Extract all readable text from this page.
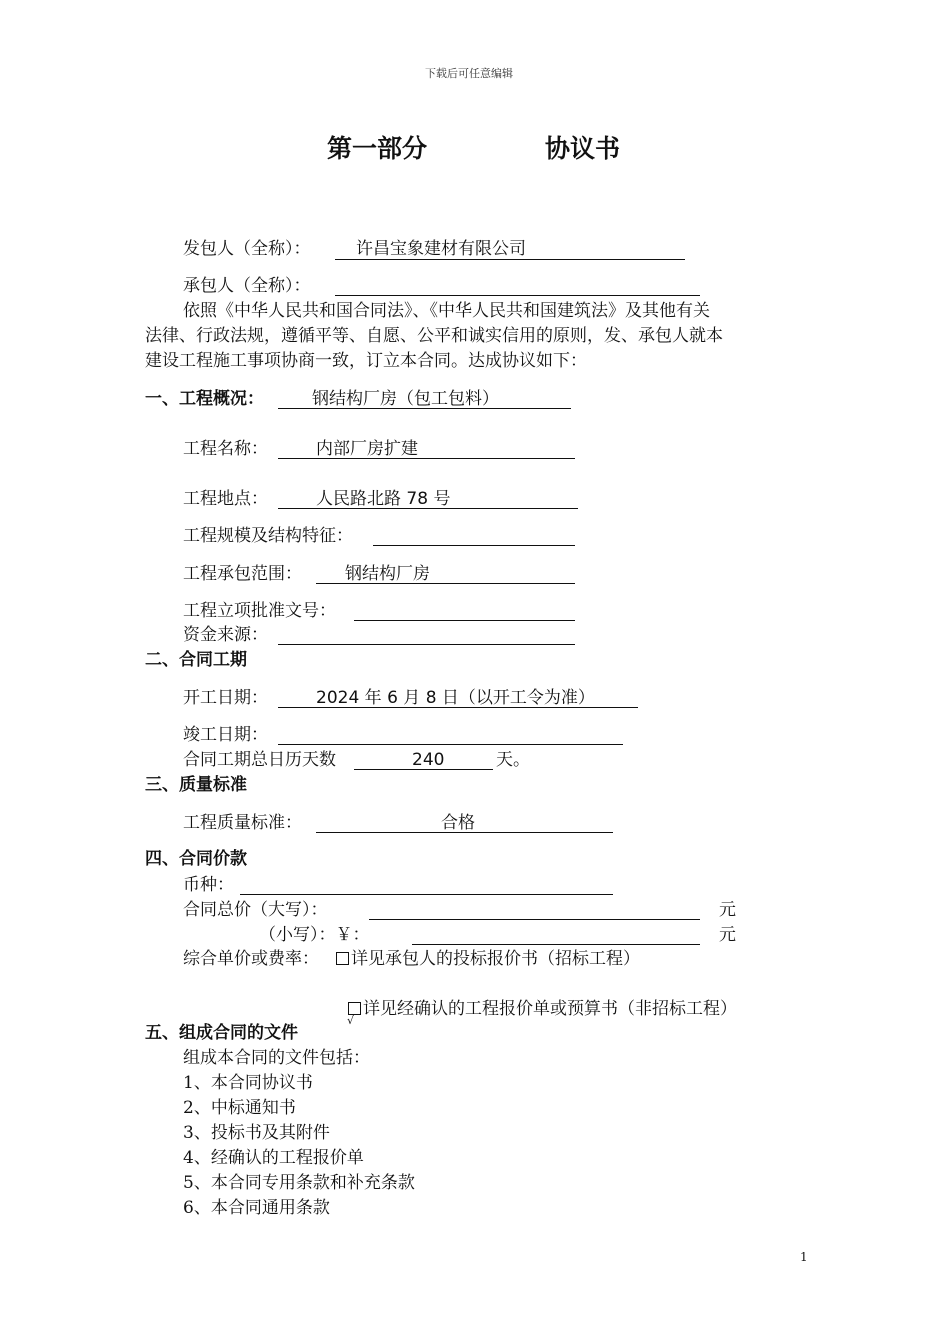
下载后可任意编辑
第一部分	协议书
发包人（全称）：	许昌宝象建材有限公司
承包人（全称）：
依照《中华人民共和国合同法》、《中华人民共和国建筑法》及其他有关
法律、行政法规，遵循平等、自愿、公平和诚实信用的原则，发、承包人就本
建设工程施工事项协商一致，订立本合同。达成协议如下：
一、工程概况：	钢结构厂房（包工包料）
工程名称：	内部厂房扩建
工程地点：	人民路北路 78 号
工程规模及结构特征：
工程承包范围：	钢结构厂房
工程立项批准文号：
资金来源：
二、合同工期
开工日期：	2024 年 6 月 8 日（以开工令为准）
竣工日期：
合同工期总日历天数	240	天。
三、质量标准
工程质量标准：	合格
四、合同价款
币种：
合同总价（大写）：	元
（小写）：￥：	元
综合单价或费率：	详见承包人的投标报价书（招标工程）
详见经确认的工程报价单或预算书（非招标工程）
√
五、组成合同的文件
组成本合同的文件包括：
1、本合同协议书
2、中标通知书
3、投标书及其附件
4、经确认的工程报价单
5、本合同专用条款和补充条款
6、本合同通用条款
1
